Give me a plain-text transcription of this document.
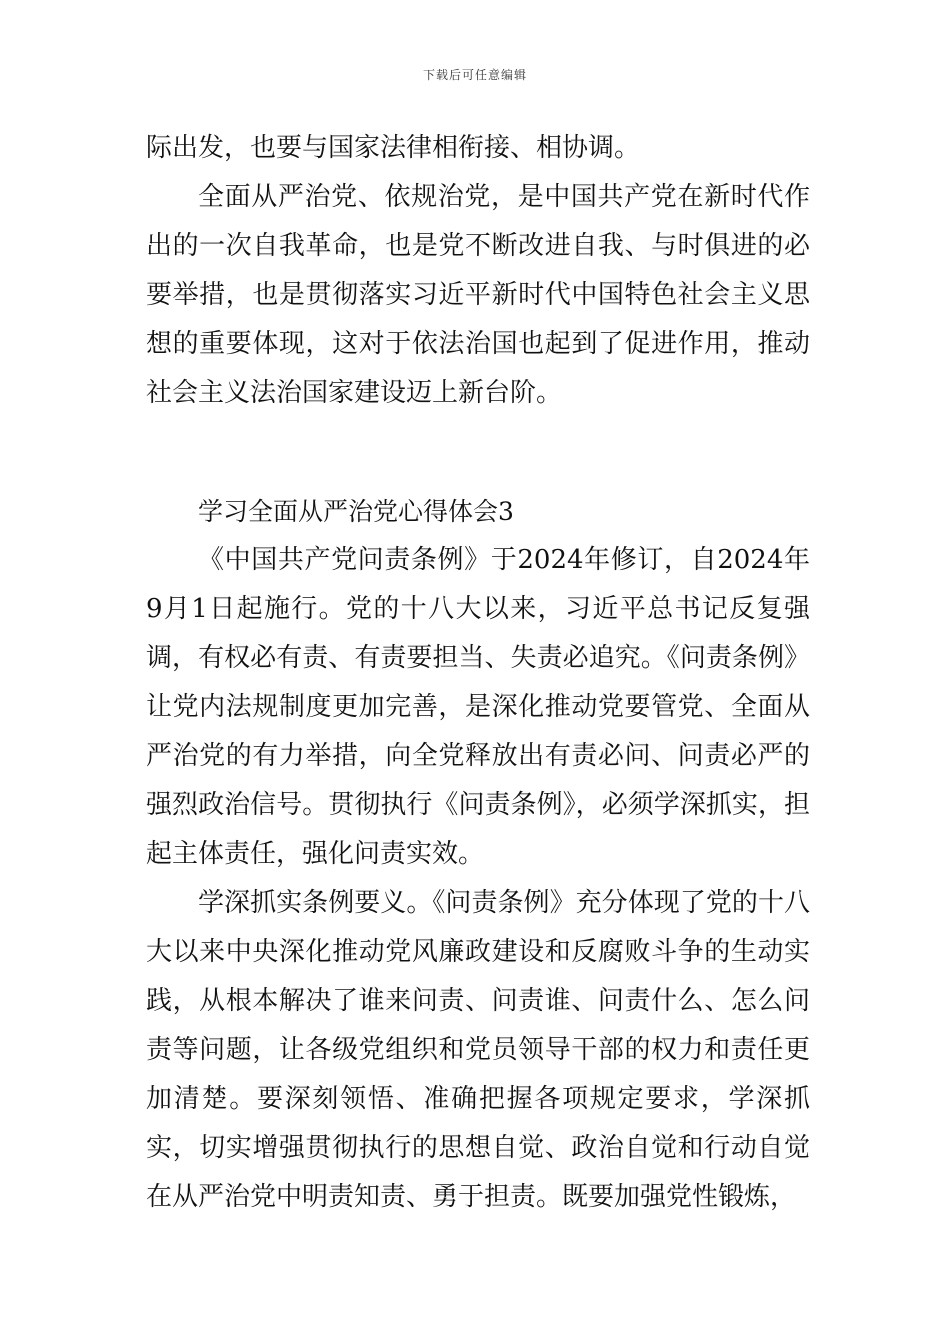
下载后可任意编辑

际出发，也要与国家法律相衔接、相协调。

全面从严治党、依规治党，是中国共产党在新时代作出的一次自我革命，也是党不断改进自我、与时俱进的必要举措，也是贯彻落实习近平新时代中国特色社会主义思想的重要体现，这对于依法治国也起到了促进作用，推动社会主义法治国家建设迈上新台阶。

学习全面从严治党心得体会3

《中国共产党问责条例》于2024年修订，自2024年9月1日起施行。党的十八大以来，习近平总书记反复强调，有权必有责、有责要担当、失责必追究。《问责条例》让党内法规制度更加完善，是深化推动党要管党、全面从严治党的有力举措，向全党释放出有责必问、问责必严的强烈政治信号。贯彻执行《问责条例》，必须学深抓实，担起主体责任，强化问责实效。

学深抓实条例要义。《问责条例》充分体现了党的十八大以来中央深化推动党风廉政建设和反腐败斗争的生动实践，从根本解决了谁来问责、问责谁、问责什么、怎么问责等问题，让各级党组织和党员领导干部的权力和责任更加清楚。要深刻领悟、准确把握各项规定要求，学深抓实，切实增强贯彻执行的思想自觉、政治自觉和行动自觉在从严治党中明责知责、勇于担责。既要加强党性锻炼，
